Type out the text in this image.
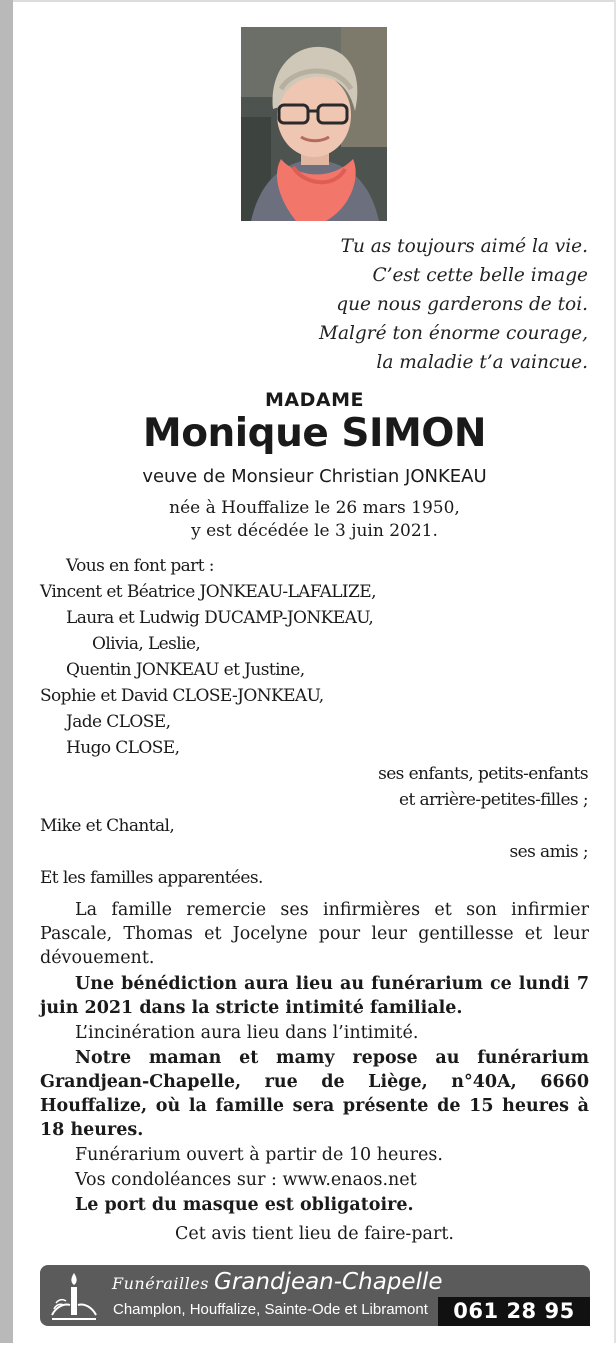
Tu as toujours aimé la vie.
C’est cette belle image
que nous garderons de toi.
Malgré ton énorme courage,
la maladie t’a vaincue.
MADAME
Monique SIMON
veuve de Monsieur Christian JONKEAU
née à Houffalize le 26 mars 1950,
y est décédée le 3 juin 2021.
Vous en font part :
Vincent et Béatrice JONKEAU-LAFALIZE,
Laura et Ludwig DUCAMP-JONKEAU,
Olivia, Leslie,
Quentin JONKEAU et Justine,
Sophie et David CLOSE-JONKEAU,
Jade CLOSE,
Hugo CLOSE,
ses enfants, petits-enfants
et arrière-petites-filles ;
Mike et Chantal,
ses amis ;
Et les familles apparentées.
La famille remercie ses infirmières et son infirmier Pascale, Thomas et Jocelyne pour leur gentillesse et leur dévouement.
Une bénédiction aura lieu au funérarium ce lundi 7 juin 2021 dans la stricte intimité familiale.
L’incinération aura lieu dans l’intimité.
Notre maman et mamy repose au funérarium Grandjean-Chapelle, rue de Liège, n°40A, 6660 Houffalize, où la famille sera présente de 15 heures à 18 heures.
Funérarium ouvert à partir de 10 heures.
Vos condoléances sur : www.enaos.net
Le port du masque est obligatoire.
Cet avis tient lieu de faire-part.
Funérailles Grandjean-Chapelle
Champlon, Houffalize, Sainte-Ode et Libramont	061 28 95 43
